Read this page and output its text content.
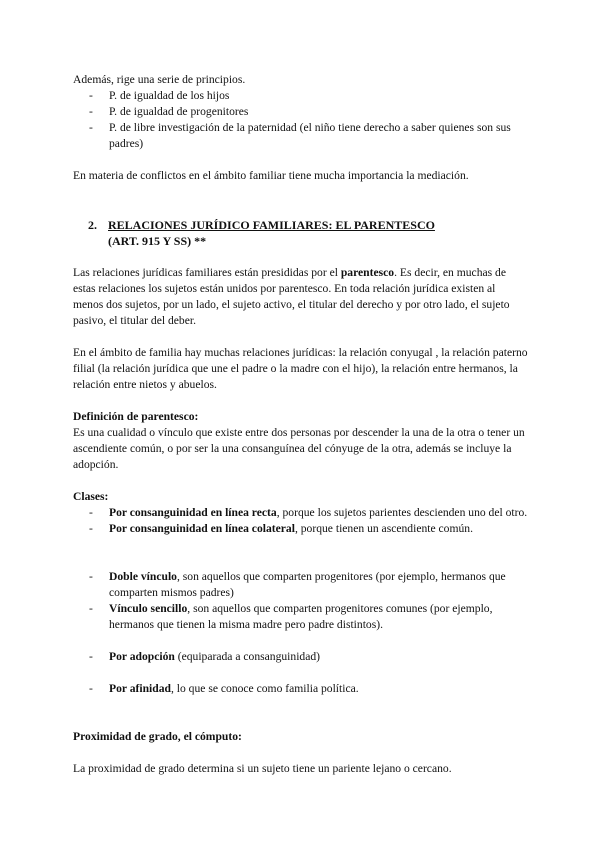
Además, rige una serie de principios.

- P. de igualdad de los hijos
- P. de igualdad de progenitores
- P. de libre investigación de la paternidad (el niño tiene derecho a saber quienes son sus padres)

En materia de conflictos en el ámbito familiar tiene mucha importancia la mediación.

2. RELACIONES JURÍDICO FAMILIARES: EL PARENTESCO
(ART. 915 Y SS) **

Las relaciones jurídicas familiares están presididas por el parentesco. Es decir, en muchas de estas relaciones los sujetos están unidos por parentesco. En toda relación jurídica existen al menos dos sujetos, por un lado, el sujeto activo, el titular del derecho y por otro lado, el sujeto pasivo, el titular del deber.

En el ámbito de familia hay muchas relaciones jurídicas: la relación conyugal , la relación paterno filial (la relación jurídica que une el padre o la madre con el hijo), la relación entre hermanos, la relación entre nietos y abuelos.

Definición de parentesco:
Es una cualidad o vínculo que existe entre dos personas por descender la una de la otra o tener un ascendiente común, o por ser la una consanguínea del cónyuge de la otra, además se incluye la adopción.

Clases:

- Por consanguinidad en línea recta, porque los sujetos parientes descienden uno del otro.
- Por consanguinidad en línea colateral, porque tienen un ascendiente común.
- Doble vínculo, son aquellos que comparten progenitores (por ejemplo, hermanos que comparten mismos padres)
- Vínculo sencillo, son aquellos que comparten progenitores comunes (por ejemplo, hermanos que tienen la misma madre pero padre distintos).
- Por adopción (equiparada a consanguinidad)
- Por afinidad, lo que se conoce como familia política.

Proximidad de grado, el cómputo:

La proximidad de grado determina si un sujeto tiene un pariente lejano o cercano.
